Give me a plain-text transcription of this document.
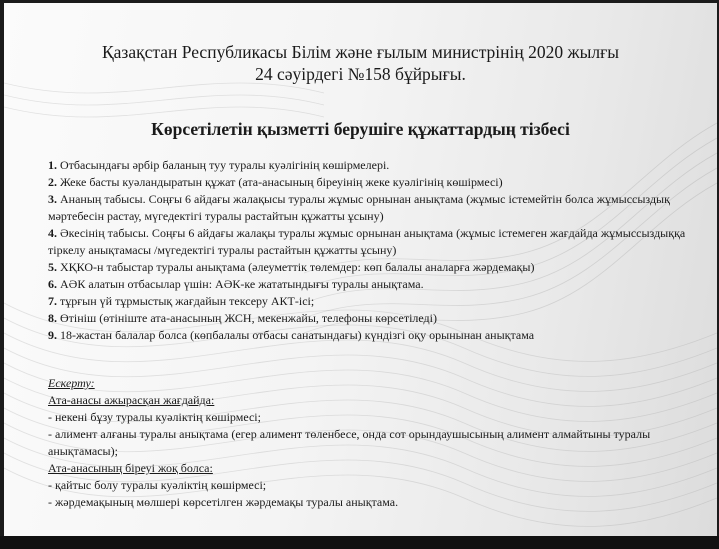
Қазақстан Республикасы Білім және ғылым министрінің 2020 жылғы
24 сәуірдегі №158 бұйрығы.
Көрсетілетін қызметті берушіге құжаттардың тізбесі
1. Отбасындағы әрбір баланың туу туралы куәлігінің көшірмелері.
2. Жеке басты куәландыратын құжат (ата-анасының біреуінің жеке куәлігінің көшірмесі)
3. Ананың табысы. Соңғы 6 айдағы жалақысы туралы жұмыс орнынан анықтама (жұмыс істемейтін болса жұмыссыздық мәртебесін растау, мүгедектігі туралы растайтын құжатты ұсыну)
4. Әкесінің табысы. Соңғы 6 айдағы жалақы туралы жұмыс орнынан анықтама (жұмыс істемеген жағдайда жұмыссыздыққа тіркелу анықтамасы /мүгедектігі туралы растайтын құжатты ұсыну)
5. ХҚКО-н табыстар туралы анықтама (әлеуметтік төлемдер: көп балалы аналарға жәрдемақы)
6. АӘК алатын отбасылар үшін: АӘК-ке жататындығы туралы анықтама.
7. тұрғын үй тұрмыстық жағдайын тексеру АКТ-ісі;
8. Өтініш (өтініште ата-анасының ЖСН, мекенжайы, телефоны көрсетіледі)
9. 18-жастан балалар болса (көпбалалы отбасы санатындағы) күндізгі оқу орынынан анықтама
Ескерту:
Ата-анасы ажырасқан жағдайда:
- некені бұзу туралы куәліктің көшірмесі;
- алимент алғаны туралы анықтама (егер алимент төленбесе, онда сот орындаушысының алимент алмайтыны туралы анықтамасы);
Ата-анасының біреуі жоқ болса:
- қайтыс болу туралы куәліктің көшірмесі;
- жәрдемақының мөлшері көрсетілген жәрдемақы туралы анықтама.
